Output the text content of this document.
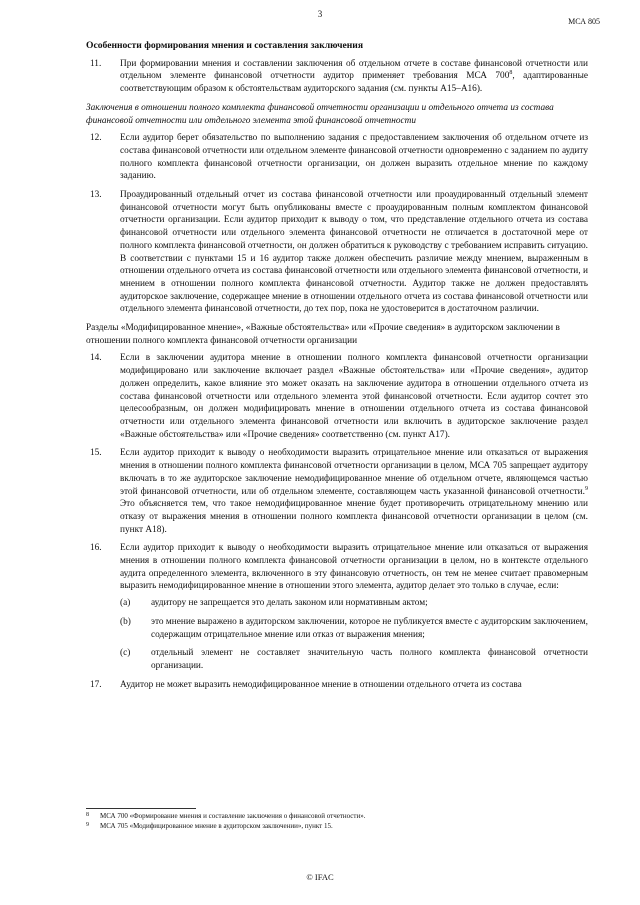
3
МСА 805

Особенности формирования мнения и составления заключения

11. При формировании мнения и составлении заключения об отдельном отчете в составе финансовой отчетности или отдельном элементе финансовой отчетности аудитор применяет требования МСА $700^8$, адаптированные соответствующим образом к обстоятельствам аудиторского задания (см. пункты А15–А16).

Заключения в отношении полного комплекта финансовой отчетности организации и отдельного отчета из состава финансовой отчетности или отдельного элемента этой финансовой отчетности

12. Если аудитор берет обязательство по выполнению задания с предоставлением заключения об отдельном отчете из состава финансовой отчетности или отдельном элементе финансовой отчетности одновременно с заданием по аудиту полного комплекта финансовой отчетности организации, он должен выразить отдельное мнение по каждому заданию.
13. Проаудированный отдельный отчет из состава финансовой отчетности или проаудированный отдельный элемент финансовой отчетности могут быть опубликованы вместе с проаудированным полным комплектом финансовой отчетности организации. Если аудитор приходит к выводу о том, что представление отдельного отчета из состава финансовой отчетности или отдельного элемента финансовой отчетности не отличается в достаточной мере от полного комплекта финансовой отчетности, он должен обратиться к руководству с требованием исправить ситуацию. В соответствии с пунктами 15 и 16 аудитор также должен обеспечить различие между мнением, выраженным в отношении отдельного отчета из состава финансовой отчетности или отдельного элемента финансовой отчетности, и мнением в отношении полного комплекта финансовой отчетности. Аудитор также не должен предоставлять аудиторское заключение, содержащее мнение в отношении отдельного отчета из состава финансовой отчетности или отдельного элемента финансовой отчетности, до тех пор, пока не удостоверится в достаточном различии.

Разделы «Модифицированное мнение», «Важные обстоятельства» или «Прочие сведения» в аудиторском заключении в отношении полного комплекта финансовой отчетности организации

14. Если в заключении аудитора мнение в отношении полного комплекта финансовой отчетности организации модифицировано или заключение включает раздел «Важные обстоятельства» или «Прочие сведения», аудитор должен определить, какое влияние это может оказать на заключение аудитора в отношении отдельного отчета из состава финансовой отчетности или отдельного элемента этой финансовой отчетности. Если аудитор сочтет это целесообразным, он должен модифицировать мнение в отношении отдельного отчета из состава финансовой отчетности или отдельного элемента финансовой отчетности или включить в аудиторское заключение раздел «Важные обстоятельства» или «Прочие сведения» соответственно (см. пункт А17).
15. Если аудитор приходит к выводу о необходимости выразить отрицательное мнение или отказаться от выражения мнения в отношении полного комплекта финансовой отчетности организации в целом, МСА 705 запрещает аудитору включать в то же аудиторское заключение немодифицированное мнение об отдельном отчете, являющемся частью этой финансовой отчетности, или об отдельном элементе, составляющем часть указанной финансовой отчетности.$^9$ Это объясняется тем, что такое немодифицированное мнение будет противоречить отрицательному мнению или отказу от выражения мнения в отношении полного комплекта финансовой отчетности организации в целом (см. пункт А18).
16. Если аудитор приходит к выводу о необходимости выразить отрицательное мнение или отказаться от выражения мнения в отношении полного комплекта финансовой отчетности организации в целом, но в контексте отдельного аудита определенного элемента, включенного в эту финансовую отчетность, он тем не менее считает правомерным выразить немодифицированное мнение в отношении этого элемента, аудитор делает это только в случае, если:
(a) аудитору не запрещается это делать законом или нормативным актом;
(b) это мнение выражено в аудиторском заключении, которое не публикуется вместе с аудиторским заключением, содержащим отрицательное мнение или отказ от выражения мнения;
(c) отдельный элемент не составляет значительную часть полного комплекта финансовой отчетности организации.
17. Аудитор не может выразить немодифицированное мнение в отношении отдельного отчета из состава
8 МСА 700 «Формирование мнения и составление заключения о финансовой отчетности».
9 МСА 705 «Модифицированное мнение в аудиторском заключении», пункт 15.
© IFAC
